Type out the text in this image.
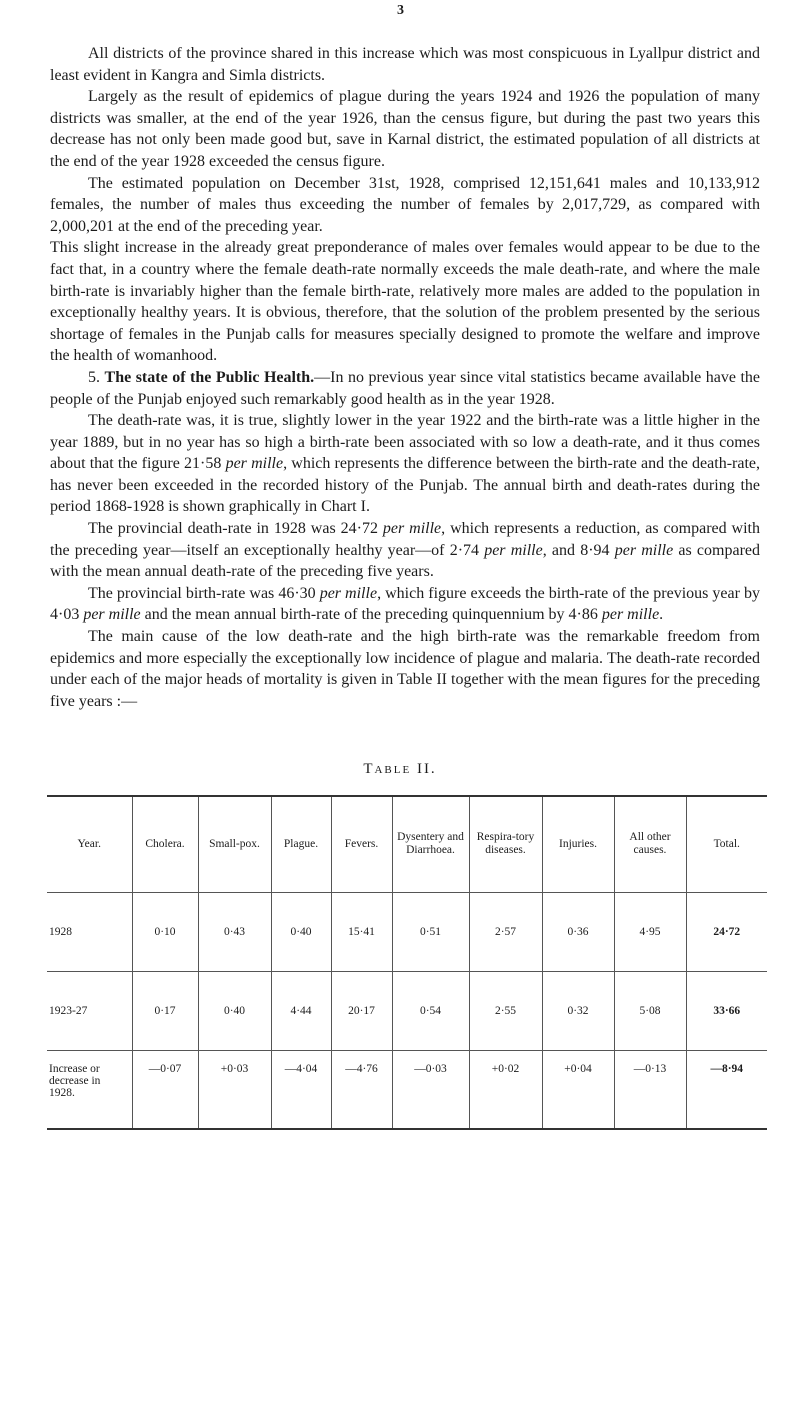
3

All districts of the province shared in this increase which was most conspicuous in Lyallpur district and least evident in Kangra and Simla districts.

Largely as the result of epidemics of plague during the years 1924 and 1926 the population of many districts was smaller, at the end of the year 1926, than the census figure, but during the past two years this decrease has not only been made good but, save in Karnal district, the estimated population of all districts at the end of the year 1928 exceeded the census figure.

The estimated population on December 31st, 1928, comprised 12,151,641 males and 10,133,912 females, the number of males thus exceeding the number of females by 2,017,729, as compared with 2,000,201 at the end of the preceding year.

This slight increase in the already great preponderance of males over females would appear to be due to the fact that, in a country where the female death-rate normally exceeds the male death-rate, and where the male birth-rate is invariably higher than the female birth-rate, relatively more males are added to the population in exceptionally healthy years. It is obvious, therefore, that the solution of the problem presented by the serious shortage of females in the Punjab calls for measures specially designed to promote the welfare and improve the health of womanhood.

5. The state of the Public Health.—In no previous year since vital statistics became available have the people of the Punjab enjoyed such remarkably good health as in the year 1928.

The death-rate was, it is true, slightly lower in the year 1922 and the birth-rate was a little higher in the year 1889, but in no year has so high a birth-rate been associated with so low a death-rate, and it thus comes about that the figure 21·58 per mille, which represents the difference between the birth-rate and the death-rate, has never been exceeded in the recorded history of the Punjab. The annual birth and death-rates during the period 1868-1928 is shown graphically in Chart I.

The provincial death-rate in 1928 was 24·72 per mille, which represents a reduction, as compared with the preceding year—itself an exceptionally healthy year—of 2·74 per mille, and 8·94 per mille as compared with the mean annual death-rate of the preceding five years.

The provincial birth-rate was 46·30 per mille, which figure exceeds the birth-rate of the previous year by 4·03 per mille and the mean annual birth-rate of the preceding quinquennium by 4·86 per mille.

The main cause of the low death-rate and the high birth-rate was the remarkable freedom from epidemics and more especially the exceptionally low incidence of plague and malaria. The death-rate recorded under each of the major heads of mortality is given in Table II together with the mean figures for the preceding five years :—

Table II.
Year.	Cholera.	Small-pox.	Plague.	Fevers.	Dysentery and Diarrhoea.	Respira-tory diseases.	Injuries.	All other causes.	Total.
1928	0·10	0·43	0·40	15·41	0·51	2·57	0·36	4·95	24·72
1923-27	0·17	0·40	4·44	20·17	0·54	2·55	0·32	5·08	33·66
Increase or decrease in 1928.	—0·07	+0·03	—4·04	—4·76	—0·03	+0·02	+0·04	—0·13	—8·94
